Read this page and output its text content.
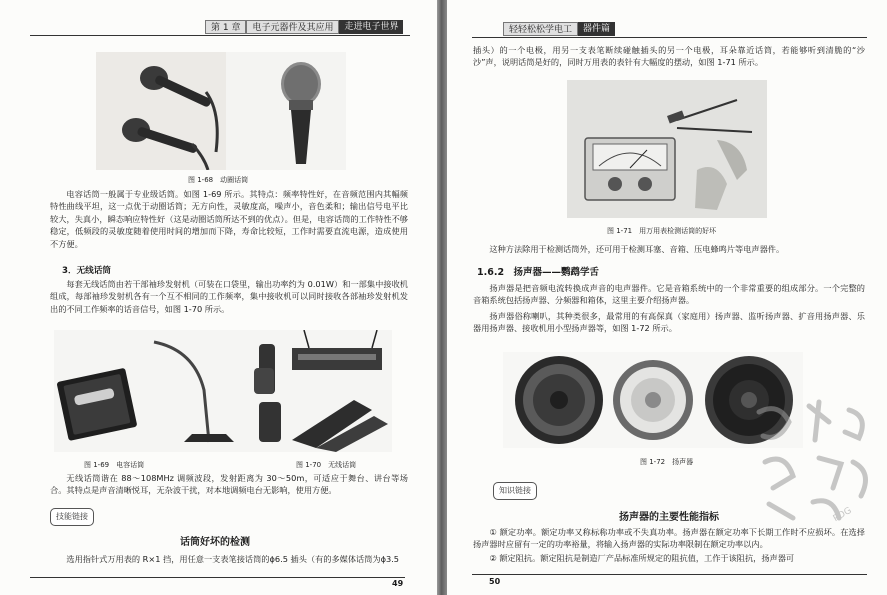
第 1 章	电子元器件及其应用	走进电子世界
图 1-68　动圈话筒
电容话筒一般属于专业级话筒。如图 1-69 所示。其特点：频率特性好，在音频范围内其幅频特性曲线平坦，这一点优于动圈话筒；无方向性，灵敏度高，噪声小，音色柔和；输出信号电平比较大，失真小，瞬态响应特性好（这是动圈话筒所达不到的优点）。但是，电容话筒的工作特性不够稳定，低频段的灵敏度随着使用时间的增加而下降，寿命比较短，工作时需要直流电源，造成使用不方便。
3．无线话筒
每套无线话筒由若干部袖珍发射机（可装在口袋里，输出功率约为 0.01W）和一部集中接收机组成，每部袖珍发射机各有一个互不相同的工作频率，集中接收机可以同时接收各部袖珍发射机发出的不同工作频率的话音信号，如图 1-70 所示。
图 1-69　电容话筒	图 1-70　无线话筒
无线话筒谐在 88～108MHz 调频波段，发射距离为 30～50m，可适应于舞台、讲台等场合。其特点是声音清晰悦耳，无杂波干扰，对本地调频电台无影响，使用方便。
技能链接
话筒好坏的检测
选用指针式万用表的 R×1 挡，用任意一支表笔接话筒的ϕ6.5 插头（有的多媒体话筒为ϕ3.5
49
轻轻松松学电工	器件篇
插头）的一个电极，用另一支表笔断续碰触插头的另一个电极，耳朵靠近话筒，若能够听到清脆的“沙沙”声，说明话筒是好的，同时万用表的表针有大幅度的摆动，如图 1-71 所示。
图 1-71　用万用表检测话筒的好坏
这种方法除用于检测话筒外，还可用于检测耳塞、音箱、压电蜂鸣片等电声器件。
1.6.2　扬声器——鹦鹉学舌
扬声器是把音频电流转换成声音的电声器件。它是音箱系统中的一个非常重要的组成部分。一个完整的音箱系统包括扬声器、分频器和箱体，这里主要介绍扬声器。
扬声器俗称喇叭，其种类很多，最常用的有高保真（家庭用）扬声器、监听扬声器、扩音用扬声器、乐器用扬声器、接收机用小型扬声器等，如图 1-72 所示。
图 1-72　扬声器
知识链接
扬声器的主要性能指标
① 额定功率。额定功率又称标称功率或不失真功率。扬声器在额定功率下长期工作时不应损坏。在选择扬声器时应留有一定的功率裕量，将输入扬声器的实际功率限制在额定功率以内。
② 额定阻抗。额定阻抗是制造厂产品标准所规定的阻抗值，工作于该阻抗，扬声器可
50
PDG
